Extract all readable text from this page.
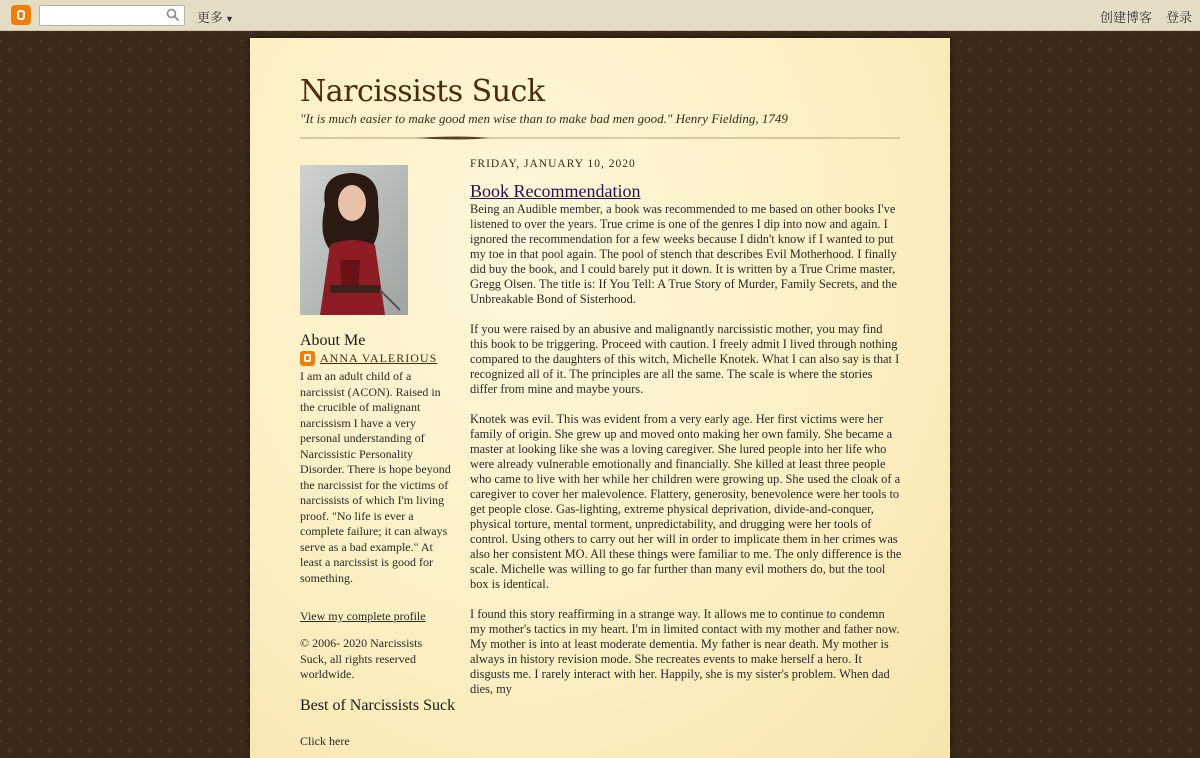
更多 ▼	创建博客 登录
Narcissists Suck
"It is much easier to make good men wise than to make bad men good." Henry Fielding, 1749
About Me
ANNA VALERIOUS
I am an adult child of a narcissist (ACON). Raised in the crucible of malignant narcissism I have a very personal understanding of Narcissistic Personality Disorder. There is hope beyond the narcissist for the victims of narcissists of which I'm living proof. "No life is ever a complete failure; it can always serve as a bad example." At least a narcissist is good for something.
View my complete profile
© 2006- 2020 Narcissists Suck, all rights reserved worldwide.
Best of Narcissists Suck
Click here
FRIDAY, JANUARY 10, 2020
Book Recommendation

Being an Audible member, a book was recommended to me based on other books I've listened to over the years. True crime is one of the genres I dip into now and again. I ignored the recommendation for a few weeks because I didn't know if I wanted to put my toe in that pool again. The pool of stench that describes Evil Motherhood. I finally did buy the book, and I could barely put it down. It is written by a True Crime master, Gregg Olsen. The title is: If You Tell: A True Story of Murder, Family Secrets, and the Unbreakable Bond of Sisterhood.

If you were raised by an abusive and malignantly narcissistic mother, you may find this book to be triggering. Proceed with caution. I freely admit I lived through nothing compared to the daughters of this witch, Michelle Knotek. What I can also say is that I recognized all of it. The principles are all the same. The scale is where the stories differ from mine and maybe yours.

Knotek was evil. This was evident from a very early age. Her first victims were her family of origin. She grew up and moved onto making her own family. She became a master at looking like she was a loving caregiver. She lured people into her life who were already vulnerable emotionally and financially. She killed at least three people who came to live with her while her children were growing up. She used the cloak of a caregiver to cover her malevolence. Flattery, generosity, benevolence were her tools to get people close. Gas-lighting, extreme physical deprivation, divide-and-conquer, physical torture, mental torment, unpredictability, and drugging were her tools of control. Using others to carry out her will in order to implicate them in her crimes was also her consistent MO. All these things were familiar to me. The only difference is the scale. Michelle was willing to go far further than many evil mothers do, but the tool box is identical.

I found this story reaffirming in a strange way. It allows me to continue to condemn my mother's tactics in my heart. I'm in limited contact with my mother and father now. My mother is into at least moderate dementia. My father is near death. My mother is always in history revision mode. She recreates events to make herself a hero. It disgusts me. I rarely interact with her. Happily, she is my sister's problem. When dad dies, my
